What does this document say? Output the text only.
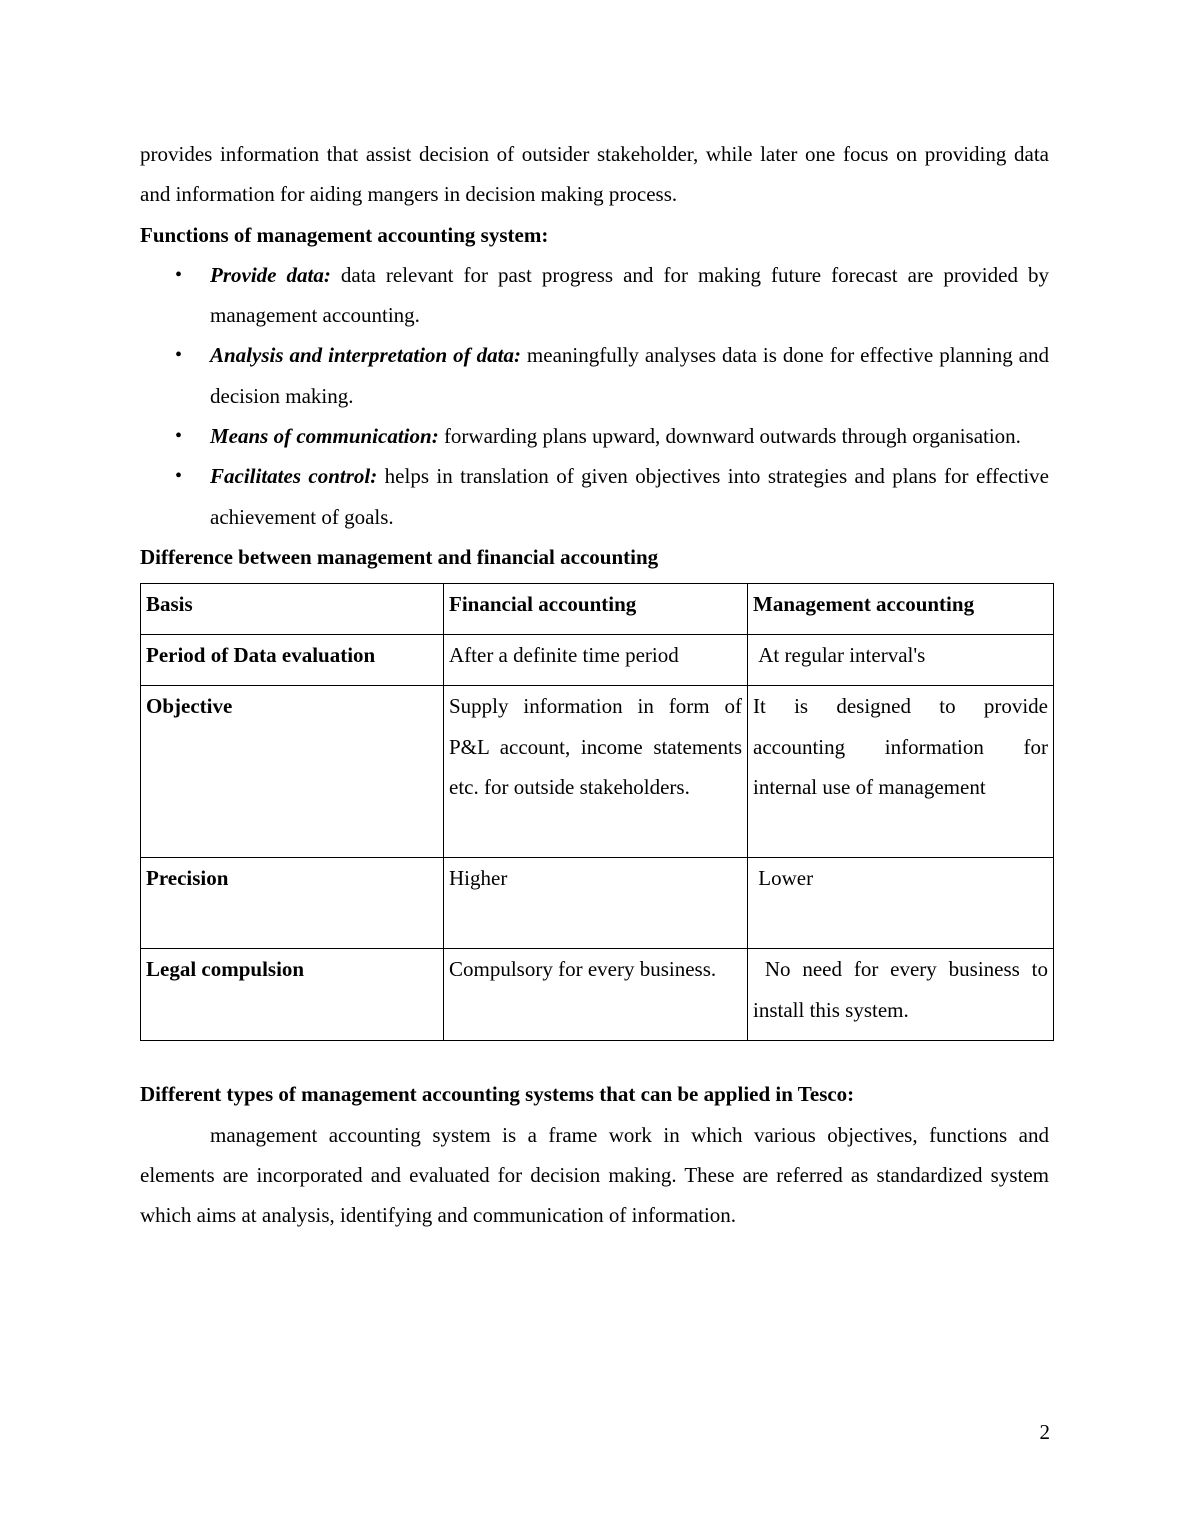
provides information that assist decision of outsider stakeholder, while later one focus on providing data and information for aiding mangers in decision making process.

Functions of management accounting system:
• Provide data: data relevant for past progress and for making future forecast are provided by management accounting.
• Analysis and interpretation of data: meaningfully analyses data is done for effective planning and decision making.
• Means of communication: forwarding plans upward, downward outwards through organisation.
• Facilitates control: helps in translation of given objectives into strategies and plans for effective achievement of goals.
Difference between management and financial accounting
Basis	Financial accounting	Management accounting
Period of Data evaluation	After a definite time period	At regular interval's
Objective	Supply information in form of P&L account, income statements etc. for outside stakeholders.	It is designed to provide accounting information for internal use of management
Precision	Higher	Lower
Legal compulsion	Compulsory for every business.	No need for every business to install this system.
Different types of management accounting systems that can be applied in Tesco:

management accounting system is a frame work in which various objectives, functions and elements are incorporated and evaluated for decision making. These are referred as standardized system which aims at analysis, identifying and communication of information.

2
